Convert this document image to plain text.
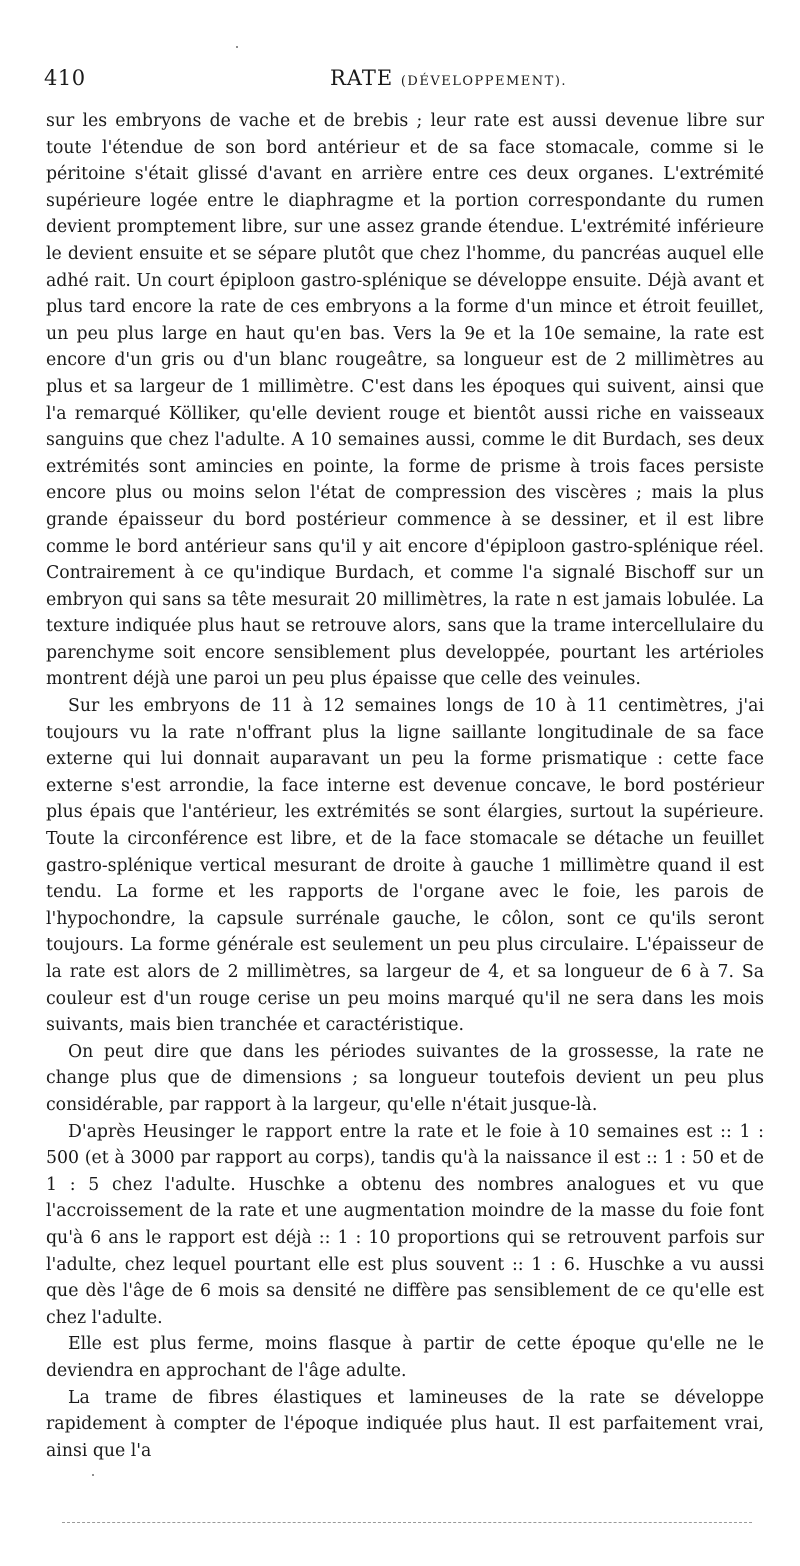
410	RATE (DÉVELOPPEMENT).

sur les embryons de vache et de brebis ; leur rate est aussi devenue libre sur toute l'étendue de son bord antérieur et de sa face stomacale, comme si le péritoine s'était glissé d'avant en arrière entre ces deux organes. L'extrémité supérieure logée entre le diaphragme et la portion correspondante du rumen devient promptement libre, sur une assez grande étendue. L'extrémité inférieure le devient ensuite et se sépare plutôt que chez l'homme, du pancréas auquel elle adhé rait. Un court épiploon gastro-splénique se développe ensuite. Déjà avant et plus tard encore la rate de ces embryons a la forme d'un mince et étroit feuillet, un peu plus large en haut qu'en bas. Vers la 9e et la 10e semaine, la rate est encore d'un gris ou d'un blanc rougeâtre, sa longueur est de 2 millimètres au plus et sa largeur de 1 millimètre. C'est dans les époques qui suivent, ainsi que l'a remarqué Kölliker, qu'elle devient rouge et bientôt aussi riche en vaisseaux sanguins que chez l'adulte. A 10 semaines aussi, comme le dit Burdach, ses deux extrémités sont amincies en pointe, la forme de prisme à trois faces persiste encore plus ou moins selon l'état de compression des viscères ; mais la plus grande épaisseur du bord postérieur commence à se dessiner, et il est libre comme le bord antérieur sans qu'il y ait encore d'épiploon gastro-splénique réel. Contrairement à ce qu'indique Burdach, et comme l'a signalé Bischoff sur un embryon qui sans sa tête mesurait 20 millimètres, la rate n est jamais lobulée. La texture indiquée plus haut se retrouve alors, sans que la trame intercellulaire du parenchyme soit encore sensiblement plus developpée, pourtant les artérioles montrent déjà une paroi un peu plus épaisse que celle des veinules.

Sur les embryons de 11 à 12 semaines longs de 10 à 11 centimètres, j'ai toujours vu la rate n'offrant plus la ligne saillante longitudinale de sa face externe qui lui donnait auparavant un peu la forme prismatique : cette face externe s'est arrondie, la face interne est devenue concave, le bord postérieur plus épais que l'antérieur, les extrémités se sont élargies, surtout la supérieure. Toute la circonférence est libre, et de la face stomacale se détache un feuillet gastro-splénique vertical mesurant de droite à gauche 1 millimètre quand il est tendu. La forme et les rapports de l'organe avec le foie, les parois de l'hypochondre, la capsule surrénale gauche, le côlon, sont ce qu'ils seront toujours. La forme générale est seulement un peu plus circulaire. L'épaisseur de la rate est alors de 2 millimètres, sa largeur de 4, et sa longueur de 6 à 7. Sa couleur est d'un rouge cerise un peu moins marqué qu'il ne sera dans les mois suivants, mais bien tranchée et caractéristique.

On peut dire que dans les périodes suivantes de la grossesse, la rate ne change plus que de dimensions ; sa longueur toutefois devient un peu plus considérable, par rapport à la largeur, qu'elle n'était jusque-là.

D'après Heusinger le rapport entre la rate et le foie à 10 semaines est :: 1 : 500 (et à 3000 par rapport au corps), tandis qu'à la naissance il est :: 1 : 50 et de 1 : 5 chez l'adulte. Huschke a obtenu des nombres analogues et vu que l'accroissement de la rate et une augmentation moindre de la masse du foie font qu'à 6 ans le rapport est déjà :: 1 : 10 proportions qui se retrouvent parfois sur l'adulte, chez lequel pourtant elle est plus souvent :: 1 : 6. Huschke a vu aussi que dès l'âge de 6 mois sa densité ne diffère pas sensiblement de ce qu'elle est chez l'adulte.

Elle est plus ferme, moins flasque à partir de cette époque qu'elle ne le deviendra en approchant de l'âge adulte.

La trame de fibres élastiques et lamineuses de la rate se développe rapidement à compter de l'époque indiquée plus haut. Il est parfaitement vrai, ainsi que l'a
